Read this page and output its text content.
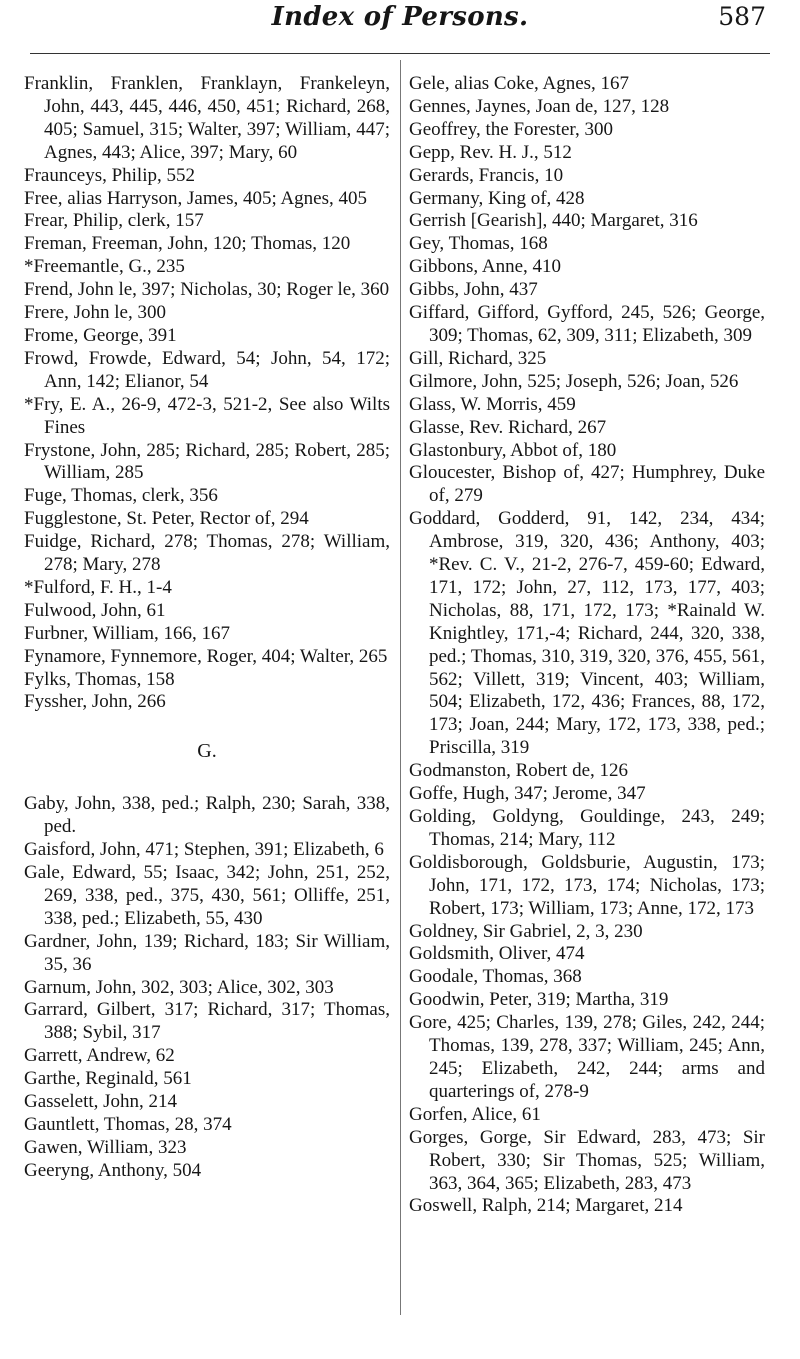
Index of Persons.	587

Franklin, Franklen, Franklayn, Frankeleyn, John, 443, 445, 446, 450, 451; Richard, 268, 405; Samuel, 315; Walter, 397; William, 447; Agnes, 443; Alice, 397; Mary, 60

Frauncеys, Philip, 552

Free, alias Harryson, James, 405; Agnes, 405

Frear, Philip, clerk, 157

Freman, Freeman, John, 120; Thomas, 120

*Freemantle, G., 235

Frend, John le, 397; Nicholas, 30; Roger le, 360

Frere, John le, 300

Frome, George, 391

Frowd, Frowde, Edward, 54; John, 54, 172; Ann, 142; Elianor, 54

*Fry, E. A., 26-9, 472-3, 521-2, See also Wilts Fines

Frystone, John, 285; Richard, 285; Robert, 285; William, 285

Fuge, Thomas, clerk, 356

Fugglestone, St. Peter, Rector of, 294

Fuidge, Richard, 278; Thomas, 278; William, 278; Mary, 278

*Fulford, F. H., 1-4

Fulwood, John, 61

Furbner, William, 166, 167

Fynamore, Fynnemore, Roger, 404; Walter, 265

Fylks, Thomas, 158

Fyssher, John, 266

G.

Gaby, John, 338, ped.; Ralph, 230; Sarah, 338, ped.

Gaisford, John, 471; Stephen, 391; Elizabeth, 6

Gale, Edward, 55; Isaac, 342; John, 251, 252, 269, 338, ped., 375, 430, 561; Olliffe, 251, 338, ped.; Elizabeth, 55, 430

Gardner, John, 139; Richard, 183; Sir William, 35, 36

Garnum, John, 302, 303; Alice, 302, 303

Garrard, Gilbert, 317; Richard, 317; Thomas, 388; Sybil, 317

Garrett, Andrew, 62

Garthe, Reginald, 561

Gasselett, John, 214

Gauntlett, Thomas, 28, 374

Gawen, William, 323

Geeryng, Anthony, 504

Gele, alias Coke, Agnes, 167

Gennes, Jaynes, Joan de, 127, 128

Geoffrey, the Forester, 300

Gepp, Rev. H. J., 512

Gerards, Francis, 10

Germany, King of, 428

Gerrish [Gearish], 440; Margaret, 316

Gey, Thomas, 168

Gibbons, Anne, 410

Gibbs, John, 437

Giffard, Gifford, Gyfford, 245, 526; George, 309; Thomas, 62, 309, 311; Elizabeth, 309

Gill, Richard, 325

Gilmore, John, 525; Joseph, 526; Joan, 526

Glass, W. Morris, 459

Glasse, Rev. Richard, 267

Glastonbury, Abbot of, 180

Gloucester, Bishop of, 427; Humphrey, Duke of, 279

Goddard, Godderd, 91, 142, 234, 434; Ambrose, 319, 320, 436; Anthony, 403; *Rev. C. V., 21-2, 276-7, 459-60; Edward, 171, 172; John, 27, 112, 173, 177, 403; Nicholas, 88, 171, 172, 173; *Rainald W. Knightley, 171,-4; Richard, 244, 320, 338, ped.; Thomas, 310, 319, 320, 376, 455, 561, 562; Villett, 319; Vincent, 403; William, 504; Elizabeth, 172, 436; Frances, 88, 172, 173; Joan, 244; Mary, 172, 173, 338, ped.; Priscilla, 319

Godmanston, Robert de, 126

Goffe, Hugh, 347; Jerome, 347

Golding, Goldyng, Gouldinge, 243, 249; Thomas, 214; Mary, 112

Goldisborough, Goldsburie, Augustin, 173; John, 171, 172, 173, 174; Nicholas, 173; Robert, 173; William, 173; Anne, 172, 173

Goldney, Sir Gabriel, 2, 3, 230

Goldsmith, Oliver, 474

Goodale, Thomas, 368

Goodwin, Peter, 319; Martha, 319

Gore, 425; Charles, 139, 278; Giles, 242, 244; Thomas, 139, 278, 337; William, 245; Ann, 245; Elizabeth, 242, 244; arms and quarterings of, 278-9

Gorfen, Alice, 61

Gorges, Gorge, Sir Edward, 283, 473; Sir Robert, 330; Sir Thomas, 525; William, 363, 364, 365; Elizabeth, 283, 473

Goswell, Ralph, 214; Margaret, 214
